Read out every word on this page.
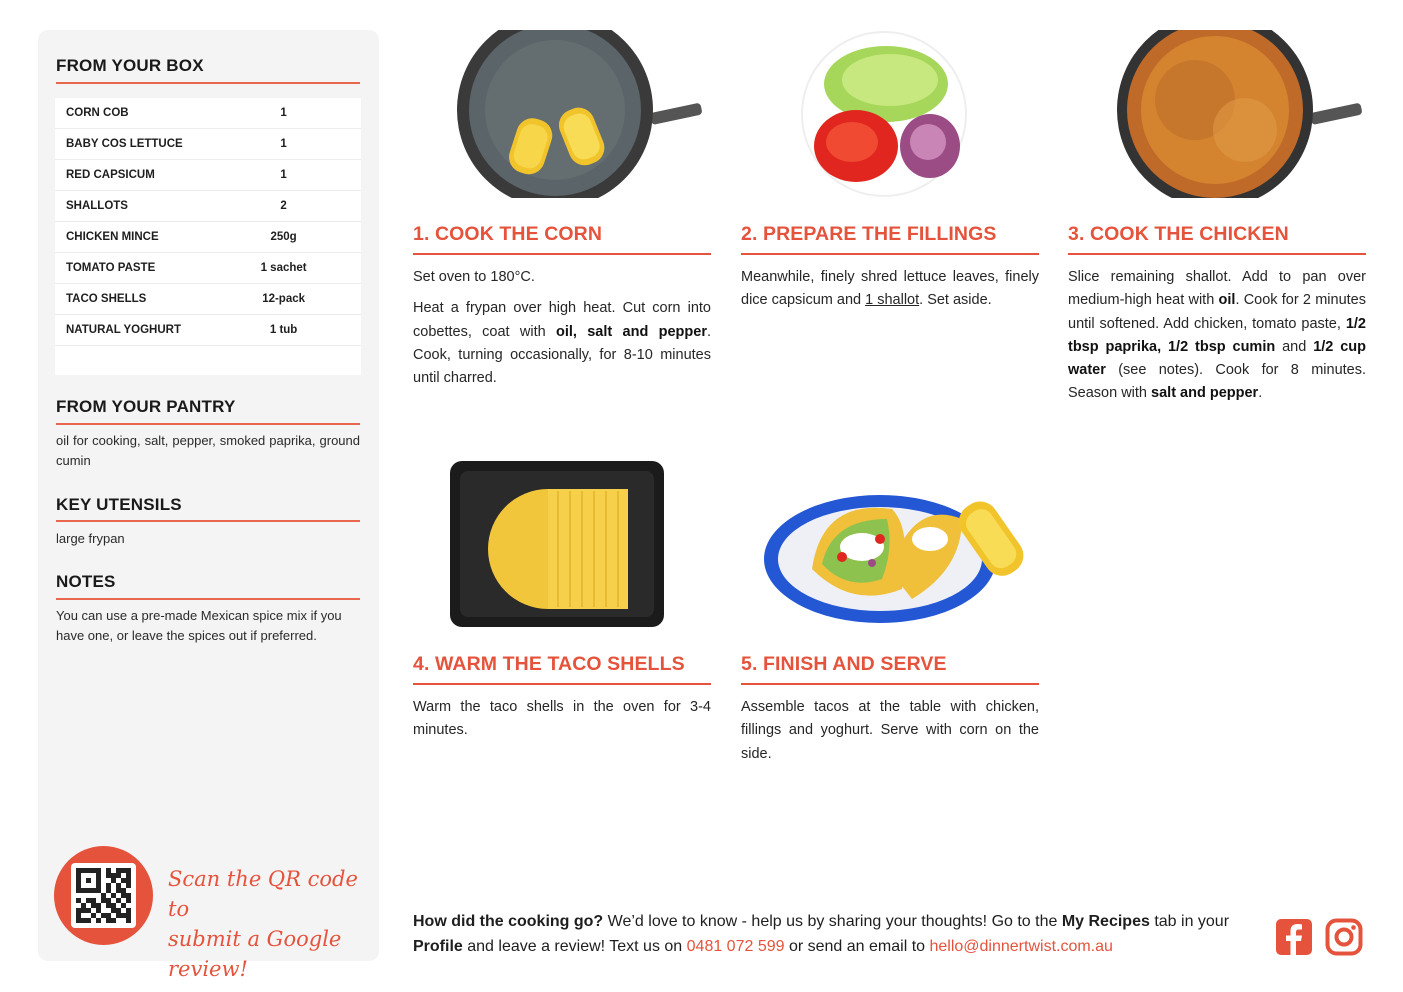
FROM YOUR BOX
CORN COB	1
BABY COS LETTUCE	1
RED CAPSICUM	1
SHALLOTS	2
CHICKEN MINCE	250g
TOMATO PASTE	1 sachet
TACO SHELLS	12-pack
NATURAL YOGHURT	1 tub
FROM YOUR PANTRY
oil for cooking, salt, pepper, smoked paprika, ground cumin
KEY UTENSILS
large frypan
NOTES
You can use a pre-made Mexican spice mix if you have one, or leave the spices out if preferred.
Scan the QR code to
submit a Google review!
1. COOK THE CORN

Set oven to 180°C.

Heat a frypan over high heat. Cut corn into cobettes, coat with oil, salt and pepper. Cook, turning occasionally, for 8-10 minutes until charred.

2. PREPARE THE FILLINGS

Meanwhile, finely shred lettuce leaves, finely dice capsicum and 1 shallot. Set aside.

3. COOK THE CHICKEN

Slice remaining shallot. Add to pan over medium-high heat with oil. Cook for 2 minutes until softened. Add chicken, tomato paste, 1/2 tbsp paprika, 1/2 tbsp cumin and 1/2 cup water (see notes). Cook for 8 minutes. Season with salt and pepper.

4. WARM THE TACO SHELLS

Warm the taco shells in the oven for 3-4 minutes.

5. FINISH AND SERVE

Assemble tacos at the table with chicken, fillings and yoghurt. Serve with corn on the side.

How did the cooking go? We’d love to know - help us by sharing your thoughts! Go to the My Recipes tab in your Profile and leave a review! Text us on 0481 072 599 or send an email to hello@dinnertwist.com.au
